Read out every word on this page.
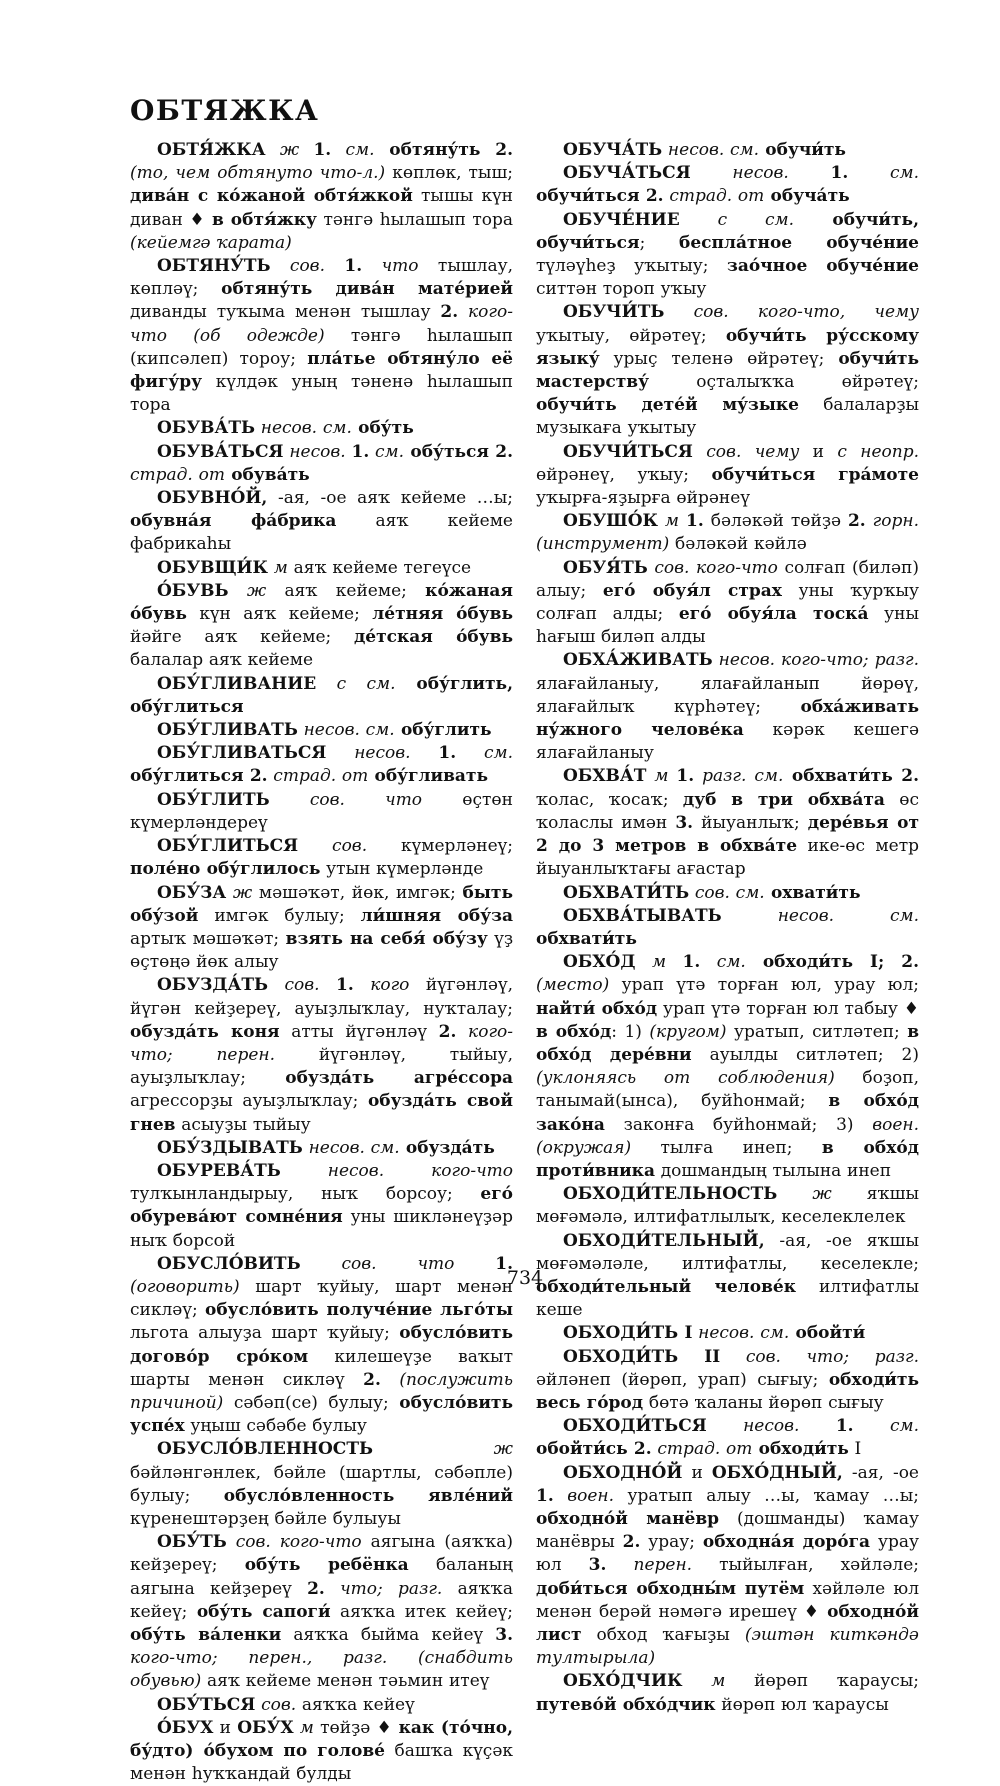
ОБТЯЖКА

ОБТЯ́ЖКА ж 1. см. обтяну́ть 2. (то, чем обтянуто что-л.) көплөк, тыш; дива́н с ко́жаной обтя́жкой тышы күн диван ♦ в обтя́жку тәнгә һылашып тора (кейемгә ҡарата)

ОБТЯНУ́ТЬ сов. 1. что тышлау, көпләү; обтяну́ть дива́н мате́рией диванды туҡыма менән тышлау 2. кого-что (об одежде) тәнгә һылашып (кипсәлеп) тороу; пла́тье обтяну́ло её фигу́ру күлдәк уның тәненә һылашып тора

ОБУВА́ТЬ несов. см. обу́ть

ОБУВА́ТЬСЯ несов. 1. см. обу́ться 2. страд. от обува́ть

ОБУВНО́Й, -ая, -ое аяҡ кейеме …ы; обувна́я фа́брика аяҡ кейеме фабрикаһы

ОБУВЩИ́К м аяҡ кейеме тегеүсе

О́БУВЬ ж аяҡ кейеме; ко́жаная о́бувь күн аяҡ кейеме; ле́тняя о́бувь йәйге аяҡ кейеме; де́тская о́бувь балалар аяҡ кейеме

ОБУ́ГЛИВАНИЕ с см. обу́глить, обу́глиться

ОБУ́ГЛИВАТЬ несов. см. обу́глить

ОБУ́ГЛИВАТЬСЯ несов. 1. см. обу́глиться 2. страд. от обу́гливать

ОБУ́ГЛИТЬ сов. что өҫтөн күмерләндереү

ОБУ́ГЛИТЬСЯ сов. күмерләнеү; поле́но обу́глилось утын күмерләнде

ОБУ́ЗА ж мәшәҡәт, йөк, имгәк; быть обу́зой имгәк булыу; ли́шняя обу́за артыҡ мәшәҡәт; взять на себя́ обу́зу үҙ өҫтөңә йөк алыу

ОБУЗДА́ТЬ сов. 1. кого йүгәнләү, йүгән кейҙереү, ауыҙлыҡлау, нуҡталау; обузда́ть коня атты йүгәнләү 2. кого-что; перен. йүгәнләү, тыйыу, ауыҙлыҡлау; обузда́ть агре́ссора агрессорҙы ауыҙлыҡлау; обузда́ть свой гнев асыуҙы тыйыу

ОБУ́ЗДЫВАТЬ несов. см. обузда́ть

ОБУРЕВА́ТЬ несов. кого-что тулҡынландырыу, ныҡ борсоу; его́ обурева́ют сомне́ния уны шикләнеүҙәр ныҡ борсой

ОБУСЛО́ВИТЬ сов. что 1. (оговорить) шарт ҡуйыу, шарт менән сикләү; обусло́вить получе́ние льго́ты льгота алыуҙа шарт ҡуйыу; обусло́вить догово́р сро́ком килешеүҙе ваҡыт шарты менән сикләү 2. (послужить причиной) сәбәп(се) булыу; обусло́вить успе́х уңыш сәбәбе булыу

ОБУСЛО́ВЛЕННОСТЬ ж бәйләнгәнлек, бәйле (шартлы, сәбәпле) булыу; обусло́вленность явле́ний күренештәрҙең бәйле булыуы

ОБУ́ТЬ сов. кого-что аягына (аяҡҡа) кейҙереү; обу́ть ребёнка баланың аягына кейҙереү 2. что; разг. аяҡҡа кейеү; обу́ть сапоги́ аяҡҡа итек кейеү; обу́ть ва́ленки аяҡҡа быйма кейеү 3. кого-что; перен., разг. (снабдить обувью) аяҡ кейеме менән тәьмин итеү

ОБУ́ТЬСЯ сов. аяҡҡа кейеү

О́БУХ и ОБУ́Х м төйҙә ♦ как (то́чно, бу́дто) о́бухом по голове́ башҡа күҫәк менән һуҡҡандай булды

ОБУЧА́ТЬ несов. см. обучи́ть

ОБУЧА́ТЬСЯ несов. 1. см. обучи́ться 2. страд. от обуча́ть

ОБУЧЕ́НИЕ с см. обучи́ть, обучи́ться; беспла́тное обуче́ние түләүһеҙ уҡытыу; зао́чное обуче́ние ситтән тороп уҡыу

ОБУЧИ́ТЬ сов. кого-что, чему уҡытыу, өйрәтеү; обучи́ть ру́сскому языку́ урыҫ теленә өйрәтеү; обучи́ть мастерству́ оҫталыҡҡа өйрәтеү; обучи́ть дете́й му́зыке балаларҙы музыкаға уҡытыу

ОБУЧИ́ТЬСЯ сов. чему и с неопр. өйрәнеү, уҡыу; обучи́ться гра́моте уҡырға-яҙырға өйрәнеү

ОБУШО́К м 1. бәләкәй төйҙә 2. горн. (инструмент) бәләкәй кәйлә

ОБУЯ́ТЬ сов. кого-что солғап (биләп) алыу; его́ обуя́л страх уны ҡурҡыу солғап алды; его́ обуя́ла тоска́ уны һағыш биләп алды

ОБХА́ЖИВАТЬ несов. кого-что; разг. ялағайланыу, ялағайланып йөрөү, ялағайлыҡ күрһәтеү; обха́живать ну́жного челове́ка кәрәк кешегә ялағайланыу

ОБХВА́Т м 1. разг. см. обхвати́ть 2. ҡолас, ҡосаҡ; дуб в три обхва́та өс ҡоласлы имән 3. йыуанлыҡ; дере́вья от 2 до 3 метров в обхва́те ике-өс метр йыуанлыҡтағы ағастар

ОБХВАТИ́ТЬ сов. см. охвати́ть

ОБХВА́ТЫВАТЬ несов. см. обхвати́ть

ОБХО́Д м 1. см. обходи́ть I; 2. (место) урап үтә торған юл, урау юл; найти́ обхо́д урап үтә торған юл табыу ♦ в обхо́д: 1) (кругом) уратып, ситләтеп; в обхо́д дере́вни ауылды ситләтеп; 2) (уклоняясь от соблюдения) боҙоп, танымай(ынса), буйһонмай; в обхо́д зако́на законға буйһонмай; 3) воен. (окружая) тылға инеп; в обхо́д проти́вника дошмандың тылына инеп

ОБХОДИ́ТЕЛЬНОСТЬ ж яҡшы мөғәмәлә, илтифатлылыҡ, кеселеклелек

ОБХОДИ́ТЕЛЬНЫЙ, -ая, -ое яҡшы мөғәмәләле, илтифатлы, кеселекле; обходи́тельный челове́к илтифатлы кеше

ОБХОДИ́ТЬ I несов. см. обойти́

ОБХОДИ́ТЬ II сов. что; разг. әйләнеп (йөрөп, урап) сығыу; обходи́ть весь го́род бөтә ҡаланы йөрөп сығыу

ОБХОДИ́ТЬСЯ несов. 1. см. обойти́сь 2. страд. от обходи́ть I

ОБХОДНО́Й и ОБХО́ДНЫЙ, -ая, -ое 1. воен. уратып алыу …ы, ҡамау …ы; обходно́й манёвр (дошманды) ҡамау манёвры 2. урау; обходна́я доро́га урау юл 3. перен. тыйылған, хәйләле; доби́ться обходны́м путём хәйләле юл менән берәй нәмәгә ирешеү ♦ обходно́й лист обход ҡағыҙы (эштән киткәндә тултырыла)

ОБХО́ДЧИК м йөрөп ҡараусы; путево́й обхо́дчик йөрөп юл ҡараусы

734
